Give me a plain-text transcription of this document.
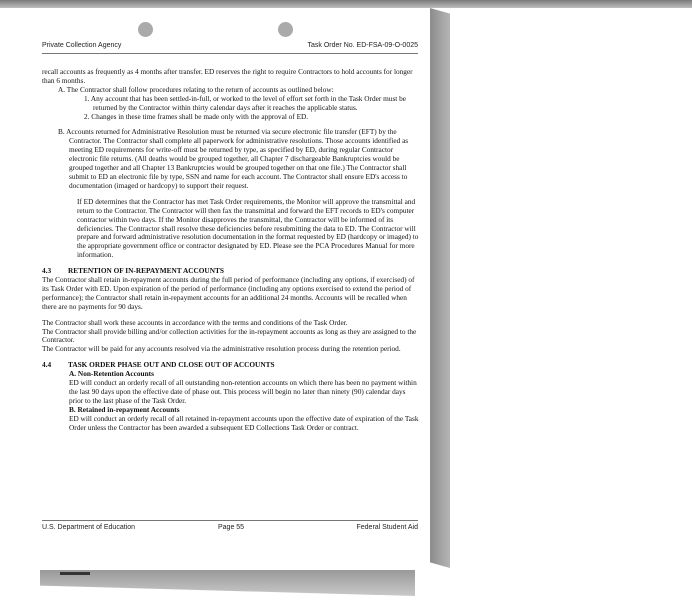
Private Collection Agency	Task Order No. ED-FSA-09-O-0025

recall accounts as frequently as 4 months after transfer. ED reserves the right to require Contractors to hold accounts for longer than 6 months.

A. The Contractor shall follow procedures relating to the return of accounts as outlined below:

1. Any account that has been settled-in-full, or worked to the level of effort set forth in the Task Order must be returned by the Contractor within thirty calendar days after it reaches the applicable status.

2. Changes in these time frames shall be made only with the approval of ED.

B. Accounts returned for Administrative Resolution must be returned via secure electronic file transfer (EFT) by the Contractor. The Contractor shall complete all paperwork for administrative resolutions. Those accounts identified as meeting ED requirements for write-off must be returned by type, as specified by ED, during regular Contractor electronic file returns. (All deaths would be grouped together, all Chapter 7 dischargeable Bankruptcies would be grouped together and all Chapter 13 Bankruptcies would be grouped together on that one file.) The Contractor shall submit to ED an electronic file by type, SSN and name for each account. The Contractor shall ensure ED's access to documentation (imaged or hardcopy) to support their request.

If ED determines that the Contractor has met Task Order requirements, the Monitor will approve the transmittal and return to the Contractor. The Contractor will then fax the transmittal and forward the EFT records to ED's computer contractor within two days. If the Monitor disapproves the transmittal, the Contractor will be informed of its deficiencies. The Contractor shall resolve these deficiencies before resubmitting the data to ED. The Contractor will prepare and forward administrative resolution documentation in the format requested by ED (hardcopy or imaged) to the appropriate government office or contractor designated by ED. Please see the PCA Procedures Manual for more information.

4.3 RETENTION OF IN-REPAYMENT ACCOUNTS

The Contractor shall retain in-repayment accounts during the full period of performance (including any options, if exercised) of its Task Order with ED. Upon expiration of the period of performance (including any options exercised to extend the period of performance); the Contractor shall retain in-repayment accounts for an additional 24 months. Accounts will be recalled when there are no payments for 90 days.

The Contractor shall work these accounts in accordance with the terms and conditions of the Task Order.

The Contractor shall provide billing and/or collection activities for the in-repayment accounts as long as they are assigned to the Contractor.

The Contractor will be paid for any accounts resolved via the administrative resolution process during the retention period.

4.4 TASK ORDER PHASE OUT AND CLOSE OUT OF ACCOUNTS

A. Non-Retention Accounts

ED will conduct an orderly recall of all outstanding non-retention accounts on which there has been no payment within the last 90 days upon the effective date of phase out. This process will begin no later than ninety (90) calendar days prior to the last phase of the Task Order.

B. Retained in-repayment Accounts

ED will conduct an orderly recall of all retained in-repayment accounts upon the effective date of expiration of the Task Order unless the Contractor has been awarded a subsequent ED Collections Task Order or contract.

U.S. Department of Education	Page 55	Federal Student Aid
